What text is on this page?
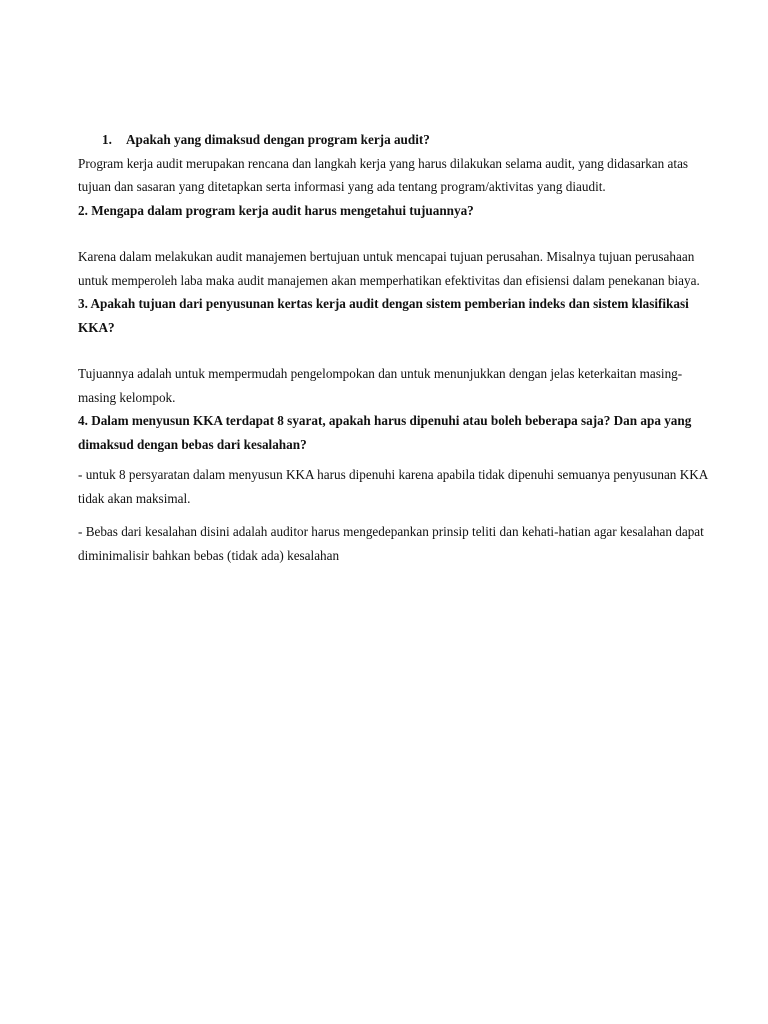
1. Apakah yang dimaksud dengan program kerja audit?

Program kerja audit merupakan rencana dan langkah kerja yang harus dilakukan selama audit, yang didasarkan atas tujuan dan sasaran yang ditetapkan serta informasi yang ada tentang program/aktivitas yang diaudit.

2. Mengapa dalam program kerja audit harus mengetahui tujuannya?

Karena dalam melakukan audit manajemen bertujuan untuk mencapai tujuan perusahan. Misalnya tujuan perusahaan untuk memperoleh laba maka audit manajemen akan memperhatikan efektivitas dan efisiensi dalam penekanan biaya.

3. Apakah tujuan dari penyusunan kertas kerja audit dengan sistem pemberian indeks dan sistem klasifikasi KKA?

Tujuannya adalah untuk mempermudah pengelompokan dan untuk menunjukkan dengan jelas keterkaitan masing-masing kelompok.

4. Dalam menyusun KKA terdapat 8 syarat, apakah harus dipenuhi atau boleh beberapa saja? Dan apa yang dimaksud dengan bebas dari kesalahan?

- untuk 8 persyaratan dalam menyusun KKA harus dipenuhi karena apabila tidak dipenuhi semuanya penyusunan KKA tidak akan maksimal.

- Bebas dari kesalahan disini adalah auditor harus mengedepankan prinsip teliti dan kehati-hatian agar kesalahan dapat diminimalisir bahkan bebas (tidak ada) kesalahan
